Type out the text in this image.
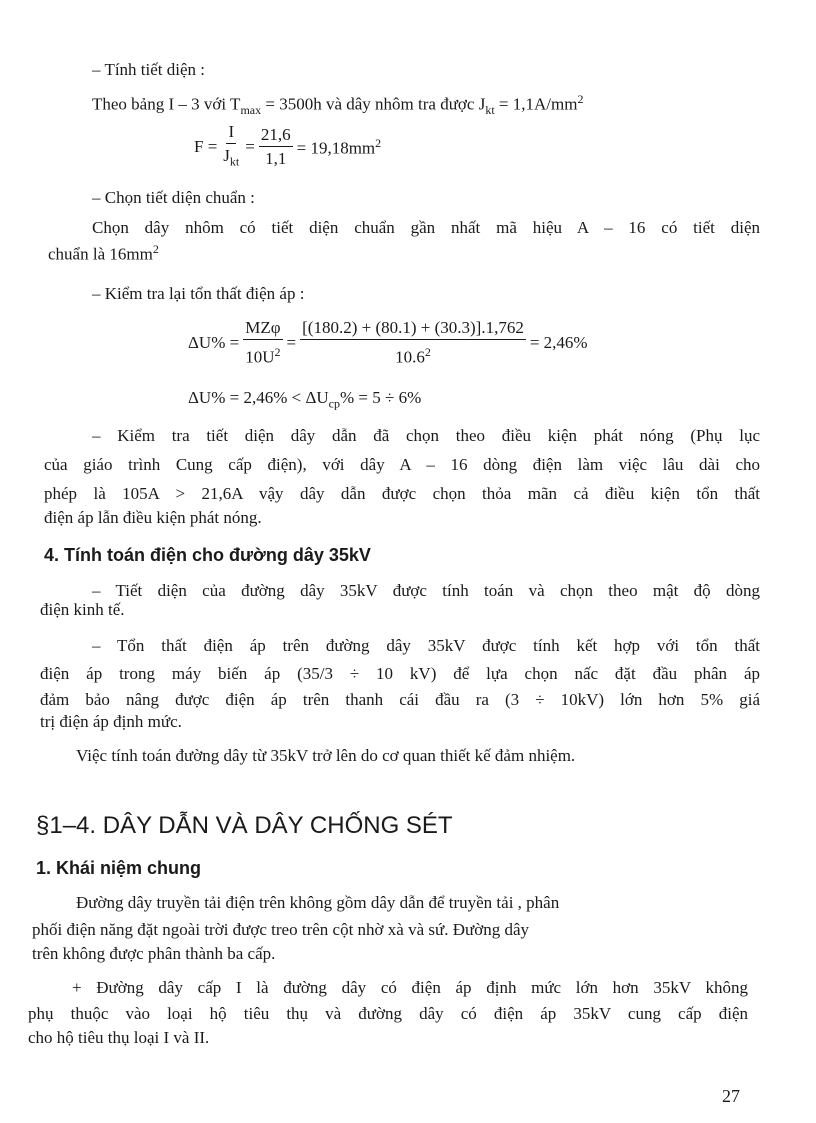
– Tính tiết diện :
Theo bảng I – 3 với $T_{max} = 3500h$ và dây nhôm tra được $J_{kt} = 1,1A/mm^2$
$F = \frac{I}{J_{kt}} = \frac{21,6}{1,1} = 19,18mm^2$
– Chọn tiết diện chuẩn :
Chọn dây nhôm có tiết diện chuẩn gần nhất mã hiệu A – 16 có tiết diện
chuẩn là $16mm^2$
– Kiểm tra lại tổn thất điện áp :
$\Delta U\% = \frac{\text{MZφ}}{10U^2} = \frac{[(180.2) + (80.1) + (30.3)].1,762}{10.6^2} = 2,46\%$
$\Delta U\% = 2,46\% < \Delta U_{cp}\% = 5 \div 6\%$
– Kiểm tra tiết diện dây dẫn đã chọn theo điều kiện phát nóng (Phụ lục
của giáo trình Cung cấp điện), với dây A – 16 dòng điện làm việc lâu dài cho
phép là 105A > 21,6A vậy dây dẫn được chọn thỏa mãn cả điều kiện tổn thất
điện áp lẫn điều kiện phát nóng.
4. Tính toán điện cho đường dây 35kV
– Tiết diện của đường dây 35kV được tính toán và chọn theo mật độ dòng
điện kinh tế.
– Tổn thất điện áp trên đường dây 35kV được tính kết hợp với tổn thất
điện áp trong máy biến áp (35/3 ÷ 10 kV) để lựa chọn nấc đặt đầu phân áp
đảm bảo nâng được điện áp trên thanh cái đầu ra (3 ÷ 10kV) lớn hơn 5% giá
trị điện áp định mức.
Việc tính toán đường dây từ 35kV trở lên do cơ quan thiết kế đảm nhiệm.
§1–4. DÂY DẪN VÀ DÂY CHỐNG SÉT
1. Khái niệm chung
Đường dây truyền tải điện trên không gồm dây dẫn để truyền tải , phân
phối điện năng đặt ngoài trời được treo trên cột nhờ xà và sứ. Đường dây
trên không được phân thành ba cấp.
+ Đường dây cấp I là đường dây có điện áp định mức lớn hơn 35kV không
phụ thuộc vào loại hộ tiêu thụ và đường dây có điện áp 35kV cung cấp điện
cho hộ tiêu thụ loại I và II.
27
